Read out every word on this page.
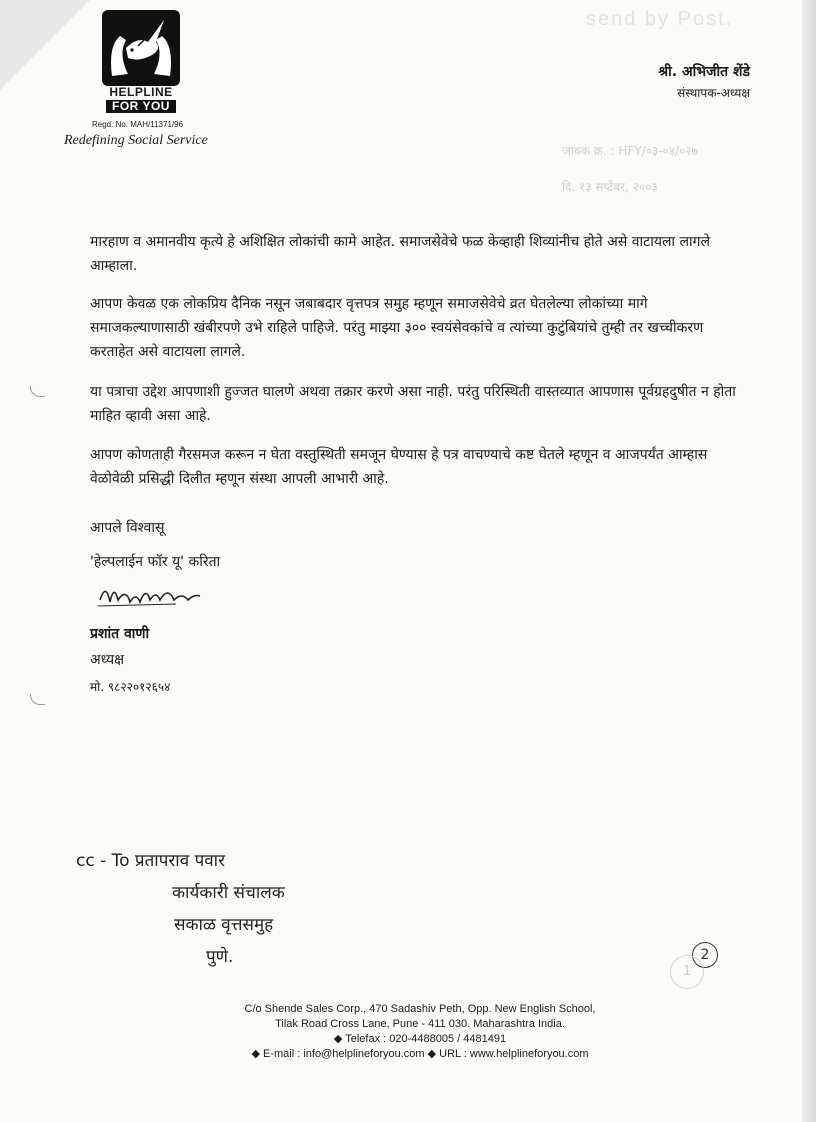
send by Post.
जावक क्र. : HFY/०३-०४/०२७
दि. १३ सप्टेंबर, २००३
HELPLINE
FOR YOU
Regd. No. MAH/11371/96
Redefining Social Service
श्री. अभिजीत शेंडे
संस्थापक-अध्यक्ष
मारहाण व अमानवीय कृत्ये हे अशिक्षित लोकांची कामे आहेत. समाजसेवेचे फळ केव्हाही शिव्यांनीच होते असे वाटायला लागले आम्हाला.
आपण केवळ एक लोकप्रिय दैनिक नसून जबाबदार वृत्तपत्र समुह म्हणून समाजसेवेचे व्रत घेतलेल्या लोकांच्या मागे समाजकल्याणासाठी खंबीरपणे उभे राहिले पाहिजे. परंतु माझ्या ३०० स्वयंसेवकांचे व त्यांच्या कुटुंबियांचे तुम्ही तर खच्चीकरण करताहेत असे वाटायला लागले.
या पत्राचा उद्देश आपणाशी हुज्जत घालणे अथवा तक्रार करणे असा नाही. परंतु परिस्थिती वास्तव्यात आपणास पूर्वग्रहदुषीत न होता माहित व्हावी असा आहे.
आपण कोणताही गैरसमज करून न घेता वस्तुस्थिती समजून घेण्यास हे पत्र वाचण्याचे कष्ट घेतले म्हणून व आजपर्यंत आम्हास वेळोवेळी प्रसिद्धी दिलीत म्हणून संस्था आपली आभारी आहे.
आपले विश्वासू
'हेल्पलाईन फॉर यू' करिता
प्रशांत वाणी
अध्यक्ष
मो. ९८२२०१२६५४
cc - To प्रतापराव पवार
कार्यकारी संचालक
सकाळ वृत्तसमुह
पुणे.	2
1
C/o Shende Sales Corp., 470 Sadashiv Peth, Opp. New English School,
Tilak Road Cross Lane, Pune - 411 030. Maharashtra India.
◆ Telefax : 020-4488005 / 4481491
◆ E-mail : info@helplineforyou.com ◆ URL : www.helplineforyou.com
